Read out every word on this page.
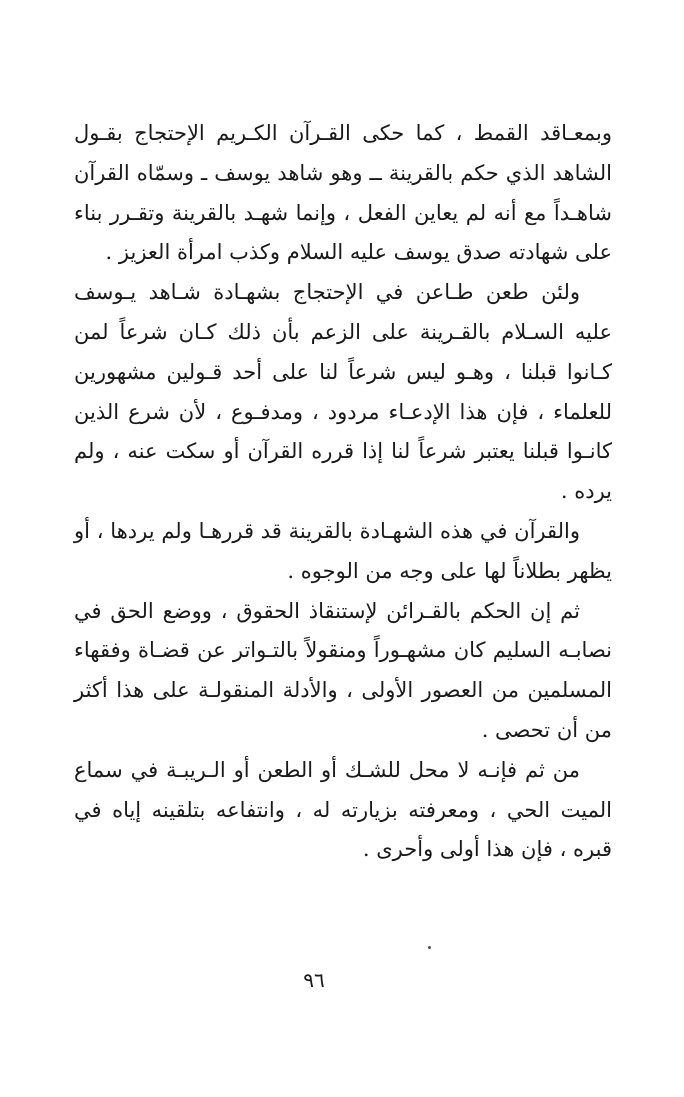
وبمعـاقد القمط ، كما حكى القـرآن الكـريم الإحتجاج بقـول الشاهد الذي حكم بالقرينة ــ وهو شاهد يوسف ـ وسمّاه القرآن شاهـداً مع أنه لم يعاين الفعل ، وإنما شهـد بالقرينة وتقـرر بناء على شهادته صدق يوسف عليه السلام وكذب امرأة العزيز .

ولئن طعن طـاعن في الإحتجاج بشهـادة شـاهد يـوسف عليه السـلام بالقـرينة على الزعم بأن ذلك كـان شرعاً لمن كـانوا قبلنا ، وهـو ليس شرعاً لنا على أحد قـولين مشهورين للعلماء ، فإن هذا الإدعـاء مردود ، ومدفـوع ، لأن شرع الذين كانـوا قبلنا يعتبر شرعاً لنا إذا قرره القرآن أو سكت عنه ، ولم يرده .

والقرآن في هذه الشهـادة بالقرينة قد قررهـا ولم يردها ، أو يظهر بطلاناً لها على وجه من الوجوه .

ثم إن الحكم بالقـرائن لإستنقاذ الحقوق ، ووضع الحق في نصابـه السليم كان مشهـوراً ومنقولاً بالتـواتر عن قضـاة وفقهاء المسلمين من العصور الأولى ، والأدلة المنقولـة على هذا أكثر من أن تحصى .

من ثم فإنـه لا محل للشـك أو الطعن أو الـريبـة في سماع الميت الحي ، ومعرفته بزيارته له ، وانتفاعه بتلقينه إياه في قبره ، فإن هذا أولى وأحرى .

٩٦
